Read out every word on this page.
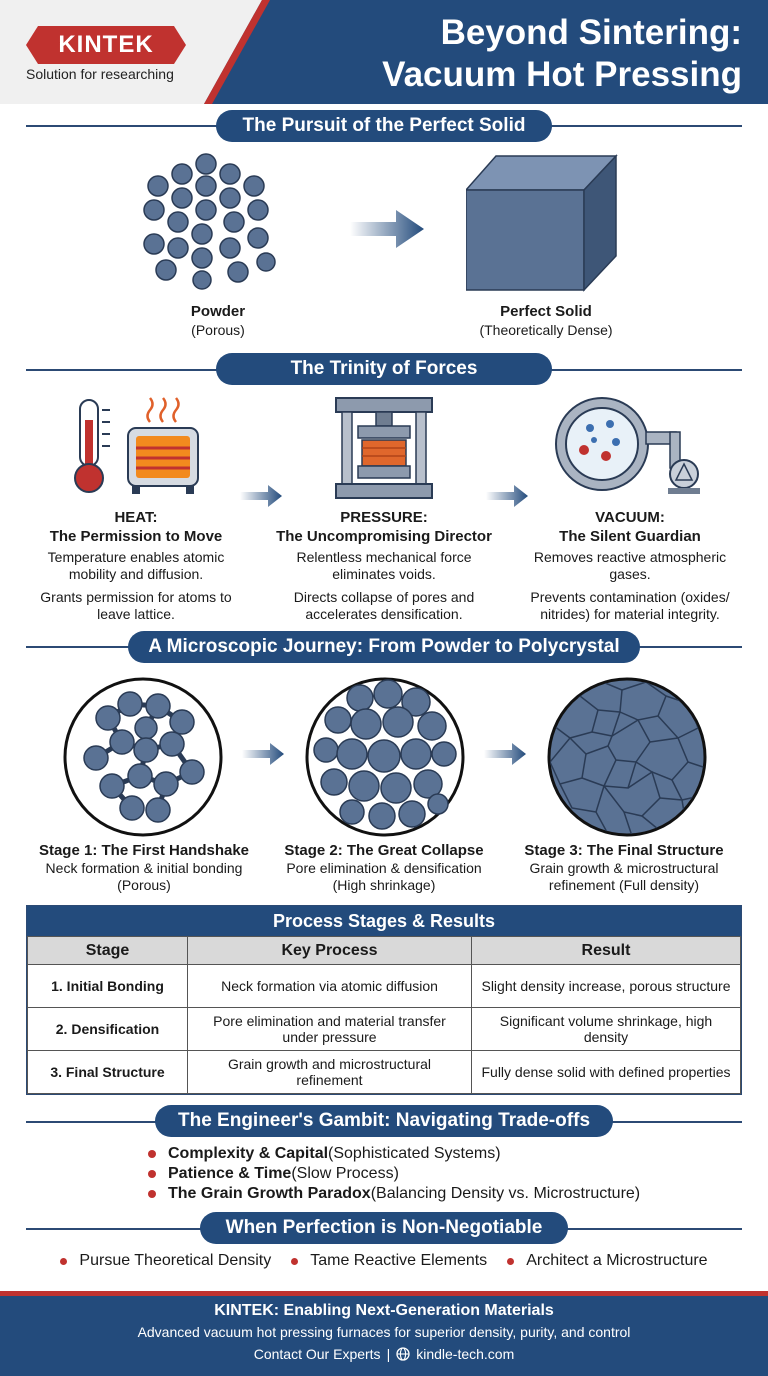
KINTEK
Solution for researching
Beyond Sintering:
Vacuum Hot Pressing
The Pursuit of the Perfect Solid
Powder
(Porous)
Perfect Solid
(Theoretically Dense)
The Trinity of Forces
HEAT:
The Permission to Move
Temperature enables atomic mobility and diffusion.
Grants permission for atoms to leave lattice.
PRESSURE:
The Uncompromising Director
Relentless mechanical force eliminates voids.
Directs collapse of pores and accelerates densification.
VACUUM:
The Silent Guardian
Removes reactive atmospheric gases.
Prevents contamination (oxides/ nitrides) for material integrity.
A Microscopic Journey: From Powder to Polycrystal
Stage 1: The First Handshake
Neck formation & initial bonding
(Porous)
Stage 2: The Great Collapse
Pore elimination & densification
(High shrinkage)
Stage 3: The Final Structure
Grain growth & microstructural
refinement (Full density)
Process Stages & Results
Stage	Key Process	Result
1. Initial Bonding	Neck formation via atomic diffusion	Slight density increase, porous structure
2. Densification	Pore elimination and material transfer under pressure	Significant volume shrinkage, high density
3. Final Structure	Grain growth and microstructural refinement	Fully dense solid with defined properties
The Engineer's Gambit: Navigating Trade-offs
Complexity & Capital (Sophisticated Systems)
Patience & Time (Slow Process)
The Grain Growth Paradox (Balancing Density vs. Microstructure)
When Perfection is Non-Negotiable
Pursue Theoretical Density Tame Reactive Elements Architect a Microstructure
KINTEK: Enabling Next-Generation Materials
Advanced vacuum hot pressing furnaces for superior density, purity, and control
Contact Our Experts | kindle-tech.com
